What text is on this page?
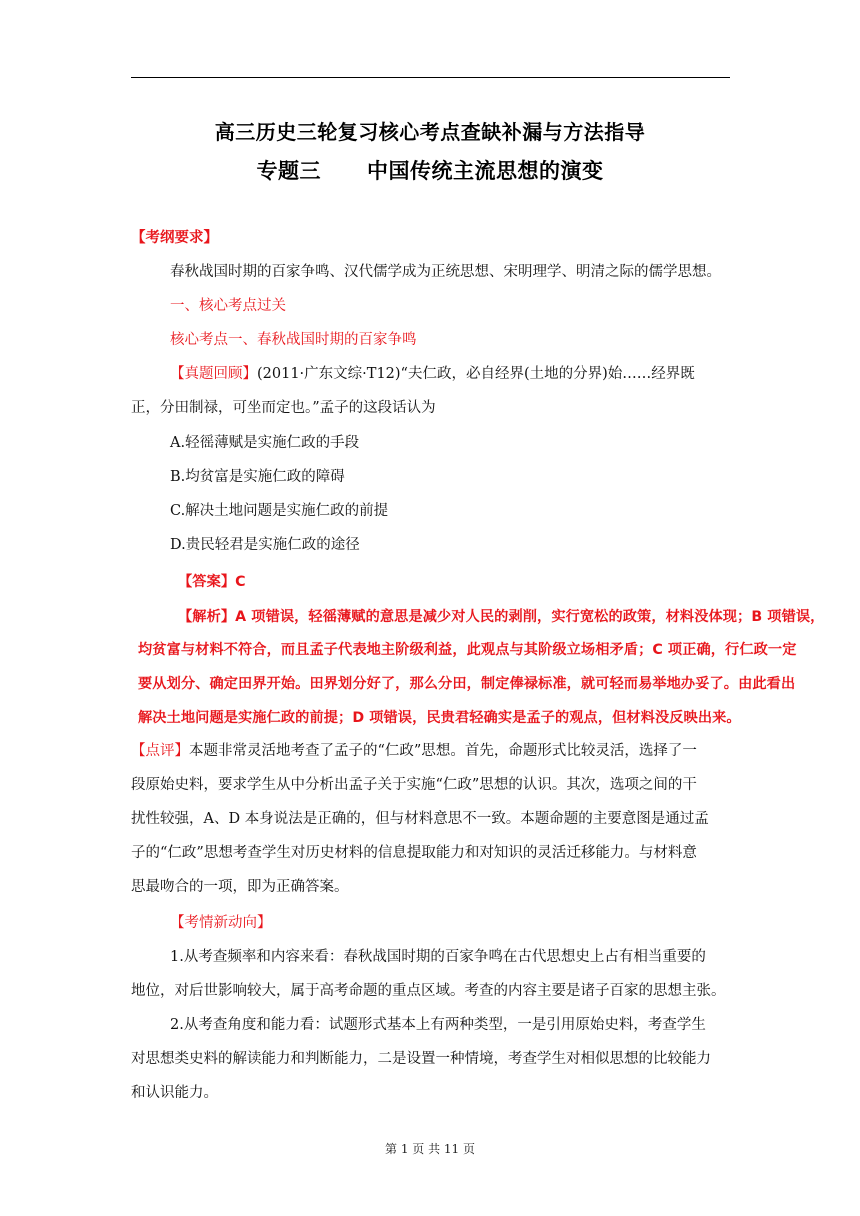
高三历史三轮复习核心考点查缺补漏与方法指导
专题三 中国传统主流思想的演变
【考纲要求】
春秋战国时期的百家争鸣、汉代儒学成为正统思想、宋明理学、明清之际的儒学思想。
一、核心考点过关
核心考点一、春秋战国时期的百家争鸣
【真题回顾】(2011·广东文综·T12)“夫仁政，必自经界(土地的分界)始……经界既
正，分田制禄，可坐而定也。”孟子的这段话认为
A.轻徭薄赋是实施仁政的手段
B.均贫富是实施仁政的障碍
C.解决土地问题是实施仁政的前提
D.贵民轻君是实施仁政的途径
【答案】C
【解析】A 项错误，轻徭薄赋的意思是减少对人民的剥削，实行宽松的政策，材料没体现；B 项错误，
均贫富与材料不符合，而且孟子代表地主阶级利益，此观点与其阶级立场相矛盾；C 项正确，行仁政一定
要从划分、确定田界开始。田界划分好了，那么分田，制定俸禄标准，就可轻而易举地办妥了。由此看出
解决土地问题是实施仁政的前提；D 项错误，民贵君轻确实是孟子的观点，但材料没反映出来。
【点评】本题非常灵活地考查了孟子的“仁政”思想。首先，命题形式比较灵活，选择了一
段原始史料，要求学生从中分析出孟子关于实施“仁政”思想的认识。其次，选项之间的干
扰性较强，A、D 本身说法是正确的，但与材料意思不一致。本题命题的主要意图是通过孟
子的“仁政”思想考查学生对历史材料的信息提取能力和对知识的灵活迁移能力。与材料意
思最吻合的一项，即为正确答案。
【考情新动向】
1.从考查频率和内容来看：春秋战国时期的百家争鸣在古代思想史上占有相当重要的
地位，对后世影响较大，属于高考命题的重点区域。考查的内容主要是诸子百家的思想主张。
2.从考查角度和能力看：试题形式基本上有两种类型，一是引用原始史料，考查学生
对思想类史料的解读能力和判断能力，二是设置一种情境，考查学生对相似思想的比较能力
和认识能力。
第 1 页 共 11 页
